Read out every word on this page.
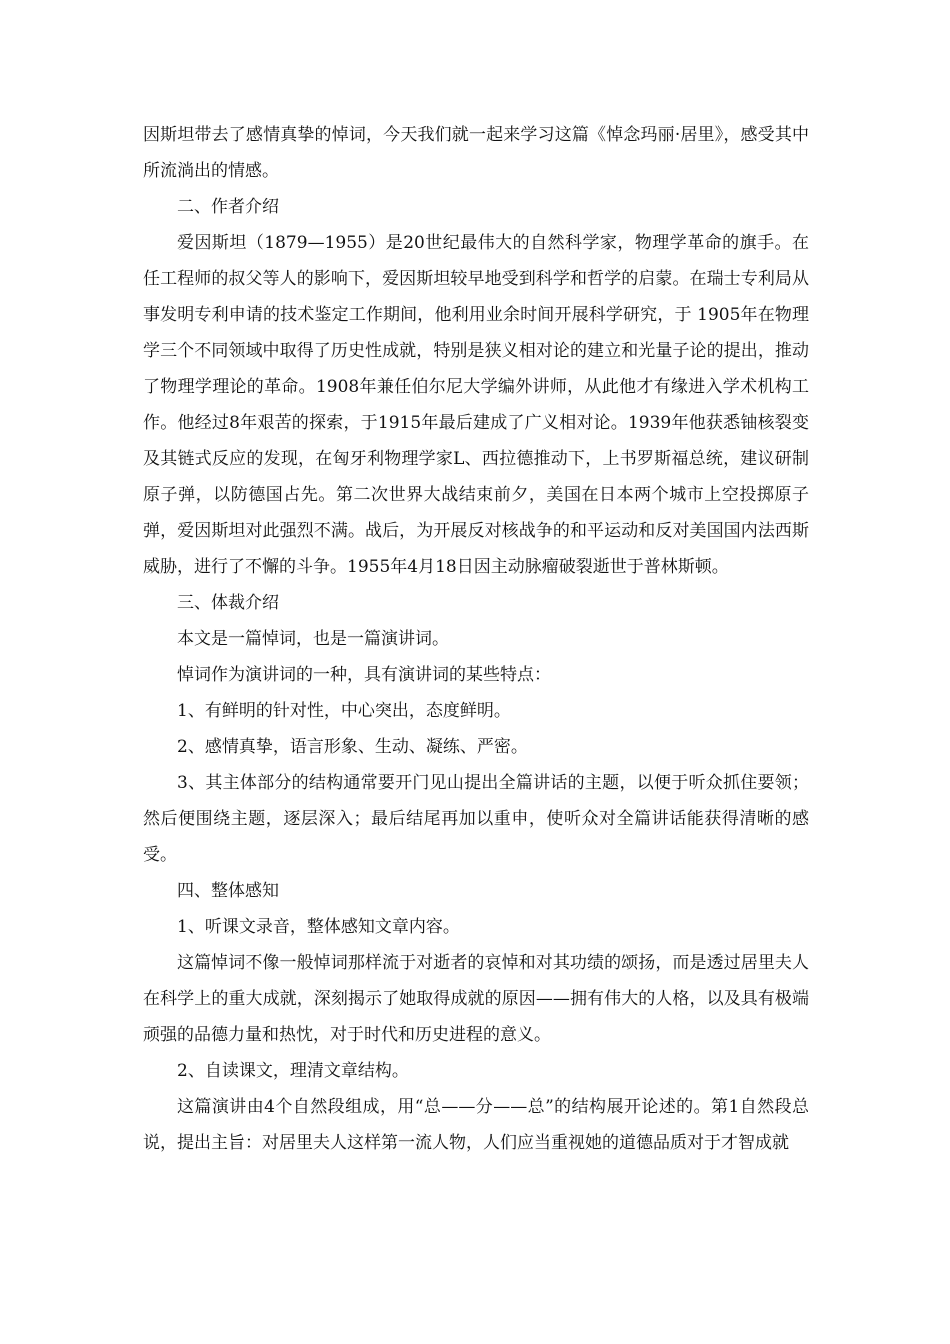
因斯坦带去了感情真挚的悼词，今天我们就一起来学习这篇《悼念玛丽·居里》，感受其中所流淌出的情感。

二、作者介绍

爱因斯坦（1879—1955）是20世纪最伟大的自然科学家，物理学革命的旗手。在任工程师的叔父等人的影响下，爱因斯坦较早地受到科学和哲学的启蒙。在瑞士专利局从事发明专利申请的技术鉴定工作期间，他利用业余时间开展科学研究，于 1905年在物理学三个不同领域中取得了历史性成就，特别是狭义相对论的建立和光量子论的提出，推动了物理学理论的革命。1908年兼任伯尔尼大学编外讲师，从此他才有缘进入学术机构工作。他经过8年艰苦的探索，于1915年最后建成了广义相对论。1939年他获悉铀核裂变及其链式反应的发现，在匈牙利物理学家L、西拉德推动下，上书罗斯福总统，建议研制原子弹，以防德国占先。第二次世界大战结束前夕，美国在日本两个城市上空投掷原子弹，爱因斯坦对此强烈不满。战后，为开展反对核战争的和平运动和反对美国国内法西斯威胁，进行了不懈的斗争。1955年4月18日因主动脉瘤破裂逝世于普林斯顿。

三、体裁介绍

本文是一篇悼词，也是一篇演讲词。

悼词作为演讲词的一种，具有演讲词的某些特点：

1、有鲜明的针对性，中心突出，态度鲜明。

2、感情真挚，语言形象、生动、凝练、严密。

3、其主体部分的结构通常要开门见山提出全篇讲话的主题，以便于听众抓住要领；然后便围绕主题，逐层深入；最后结尾再加以重申，使听众对全篇讲话能获得清晰的感受。

四、整体感知

1、听课文录音，整体感知文章内容。

这篇悼词不像一般悼词那样流于对逝者的哀悼和对其功绩的颂扬，而是透过居里夫人在科学上的重大成就，深刻揭示了她取得成就的原因——拥有伟大的人格，以及具有极端顽强的品德力量和热忱，对于时代和历史进程的意义。

2、自读课文，理清文章结构。

这篇演讲由4个自然段组成，用“总——分——总”的结构展开论述的。第1自然段总说，提出主旨：对居里夫人这样第一流人物，人们应当重视她的道德品质对于才智成就
